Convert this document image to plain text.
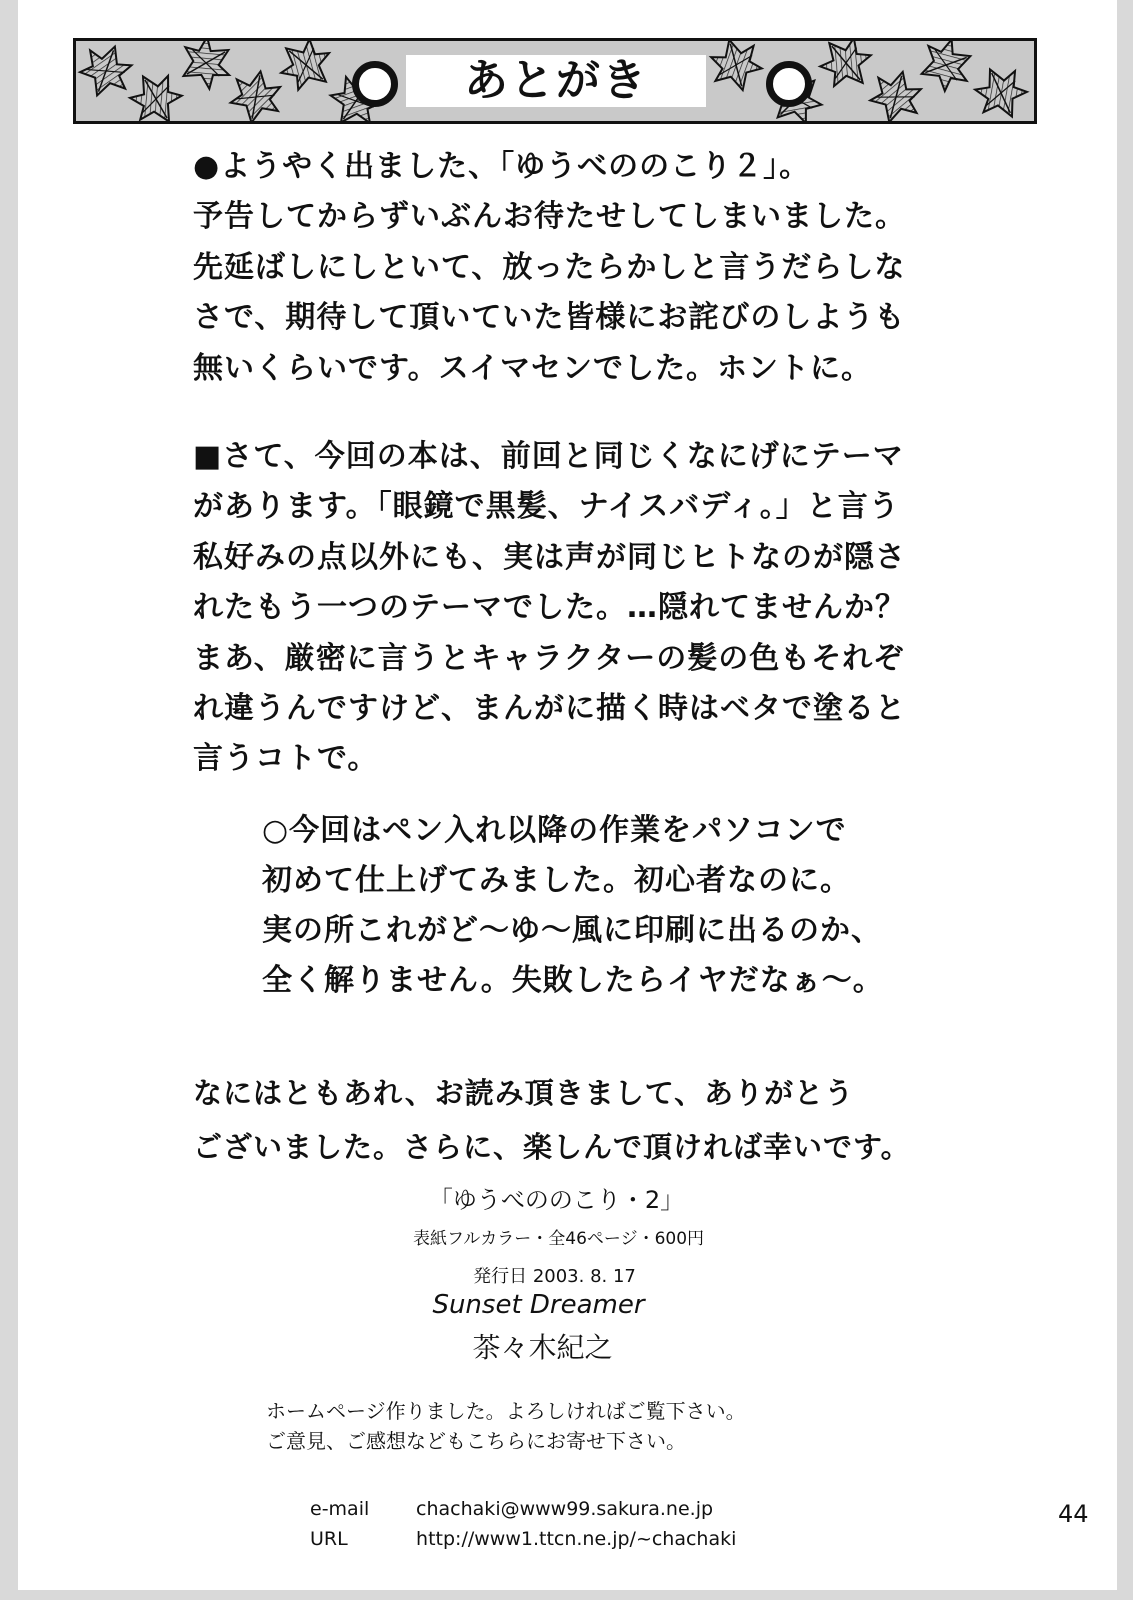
あとがき
●ようやく出ました、「ゆうべののこり２」。
予告してからずいぶんお待たせしてしまいました。
先延ばしにしといて、放ったらかしと言うだらしな
さで、期待して頂いていた皆様にお詫びのしようも
無いくらいです。スイマセンでした。ホントに。
■さて、今回の本は、前回と同じくなにげにテーマ
があります。「眼鏡で黒髪、ナイスバディ。」と言う
私好みの点以外にも、実は声が同じヒトなのが隠さ
れたもう一つのテーマでした。…隠れてませんか？
まあ、厳密に言うとキャラクターの髪の色もそれぞ
れ違うんですけど、まんがに描く時はベタで塗ると
言うコトで。
○今回はペン入れ以降の作業をパソコンで
初めて仕上げてみました。初心者なのに。
実の所これがど～ゆ～風に印刷に出るのか、
全く解りません。失敗したらイヤだなぁ～。
なにはともあれ、お読み頂きまして、ありがとう
ございました。さらに、楽しんで頂ければ幸いです。
「ゆうべののこり・2」
表紙フルカラー・全46ページ・600円
発行日 2003. 8. 17
Sunset Dreamer
茶々木紀之
ホームページ作りました。よろしければご覧下さい。
ご意見、ご感想などもこちらにお寄せ下さい。
e-mail chachaki@www99.sakura.ne.jp
URL	http://www1.ttcn.ne.jp/~chachaki
44
